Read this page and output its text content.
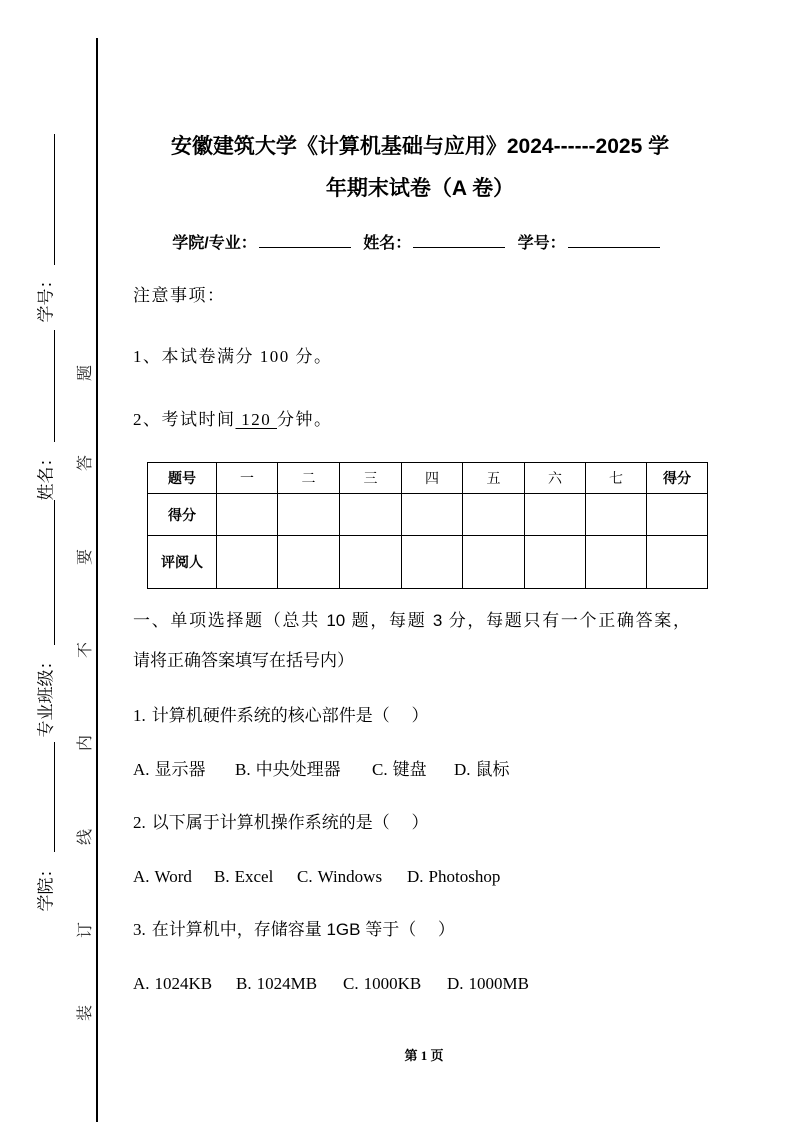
学号：
姓名：
专业班级：
学院：
题
答
要
不
内
线
订
装
安徽建筑大学《计算机基础与应用》2024------2025 学
年期末试卷（A 卷）
学院/专业：	姓名：	学号：
注意事项：
1、本试卷满分 100 分。
2、考试时间 120 分钟。
题号	一	二	三	四	五	六	七	得分
得分								
评阅人								
一、单项选择题（总共 10 题，每题 3 分，每题只有一个正确答案，
请将正确答案填写在括号内）
1. 计算机硬件系统的核心部件是（　 ）
A. 显示器 B. 中央处理器 C. 键盘 D. 鼠标
2. 以下属于计算机操作系统的是（　 ）
A. Word B. Excel C. Windows D. Photoshop
3. 在计算机中，存储容量 1GB 等于（　 ）
A. 1024KB B. 1024MB C. 1000KB D. 1000MB
第 1 页
